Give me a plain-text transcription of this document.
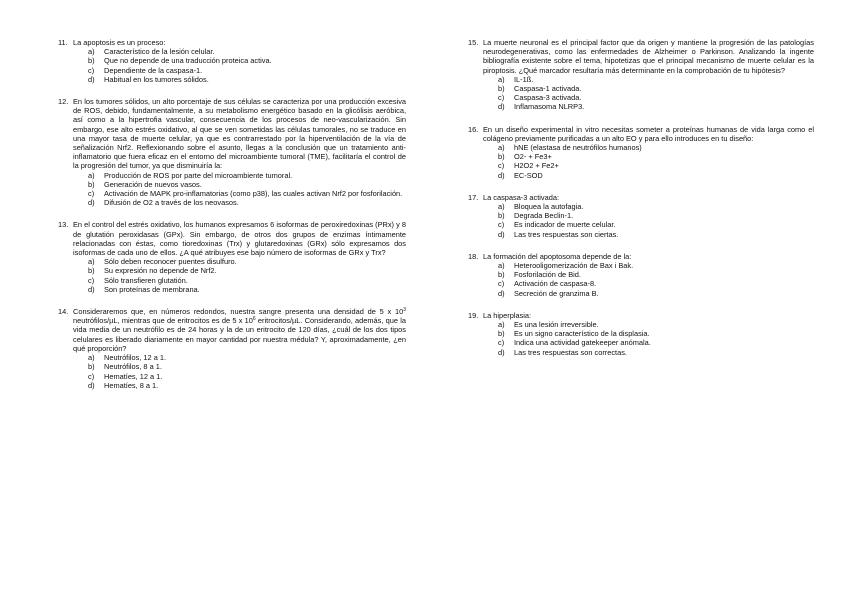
11. La apoptosis es un proceso:
a)	Característico de la lesión celular.
b)	Que no depende de una traducción proteica activa.
c)	Dependiente de la caspasa-1.
d)	Habitual en los tumores sólidos.
12. En los tumores sólidos, un alto porcentaje de sus células se caracteriza por una producción excesiva de ROS, debido, fundamentalmente, a su metabolismo energético basado en la glicólisis aeróbica, así como a la hipertrofia vascular, consecuencia de los procesos de neo-vascularización. Sin embargo, ese alto estrés oxidativo, al que se ven sometidas las células tumorales, no se traduce en una mayor tasa de muerte celular, ya que es contrarrestado por la hiperventilación de la vía de señalización Nrf2. Reflexionando sobre el asunto, llegas a la conclusión que un tratamiento anti-inflamatorio que fuera eficaz en el entorno del microambiente tumoral (TME), facilitaría el control de la progresión del tumor, ya que disminuiría la:
a)	Producción de ROS por parte del microambiente tumoral.
b)	Generación de nuevos vasos.
c)	Activación de MAPK pro-inflamatorias (como p38), las cuales activan Nrf2 por fosforilación.
d)	Difusión de O2 a través de los neovasos.
13. En el control del estrés oxidativo, los humanos expresamos 6 isoformas de peroxiredoxinas (PRx) y 8 de glutatión peroxidasas (GPx). Sin embargo, de otros dos grupos de enzimas íntimamente relacionadas con éstas, como tioredoxinas (Trx) y glutaredoxinas (GRx) sólo expresamos dos isoformas de cada uno de ellos. ¿A qué atribuyes ese bajo número de isoformas de GRx y Trx?
a)	Sólo deben reconocer puentes disulfuro.
b)	Su expresión no depende de Nrf2.
c)	Sólo transfieren glutatión.
d)	Son proteínas de membrana.
14. Consideraremos que, en números redondos, nuestra sangre presenta una densidad de 5 x $10^3$ neutrófilos/µL, mientras que de eritrocitos es de 5 x $10^6$ eritrocitos/µL. Considerando, además, que la vida media de un neutrófilo es de 24 horas y la de un eritrocito de 120 días, ¿cuál de los dos tipos celulares es liberado diariamente en mayor cantidad por nuestra médula? Y, aproximadamente, ¿en qué proporción?
a)	Neutrófilos, 12 a 1.
b)	Neutrófilos, 8 a 1.
c)	Hematíes, 12 a 1.
d)	Hematíes, 8 a 1.
15. La muerte neuronal es el principal factor que da origen y mantiene la progresión de las patologías neurodegenerativas, como las enfermedades de Alzheimer o Parkinson. Analizando la ingente bibliografía existente sobre el tema, hipotetizas que el principal mecanismo de muerte celular es la piroptosis. ¿Qué marcador resultaría más determinante en la comprobación de tu hipótesis?
a)	IL-1ß.
b)	Caspasa-1 activada.
c)	Caspasa-3 activada.
d)	Inflamasoma NLRP3.
16. En un diseño experimental in vitro necesitas someter a proteínas humanas de vida larga como el colágeno previamente purificadas a un alto EO y para ello introduces en tu diseño:
a)	hNE (elastasa de neutrófilos humanos)
b)	O2- + Fe3+
c)	H2O2 + Fe2+
d)	EC-SOD
17. La caspasa-3 activada:
a)	Bloquea la autofagia.
b)	Degrada Beclin-1.
c)	Es indicador de muerte celular.
d)	Las tres respuestas son ciertas.
18. La formación del apoptosoma depende de la:
a)	Heterooligomerización de Bax i Bak.
b)	Fosforilación de Bid.
c)	Activación de caspasa-8.
d)	Secreción de granzima B.
19. La hiperplasia:
a)	Es una lesión irreversible.
b)	Es un signo característico de la displasia.
c)	Indica una actividad gatekeeper anómala.
d)	Las tres respuestas son correctas.
